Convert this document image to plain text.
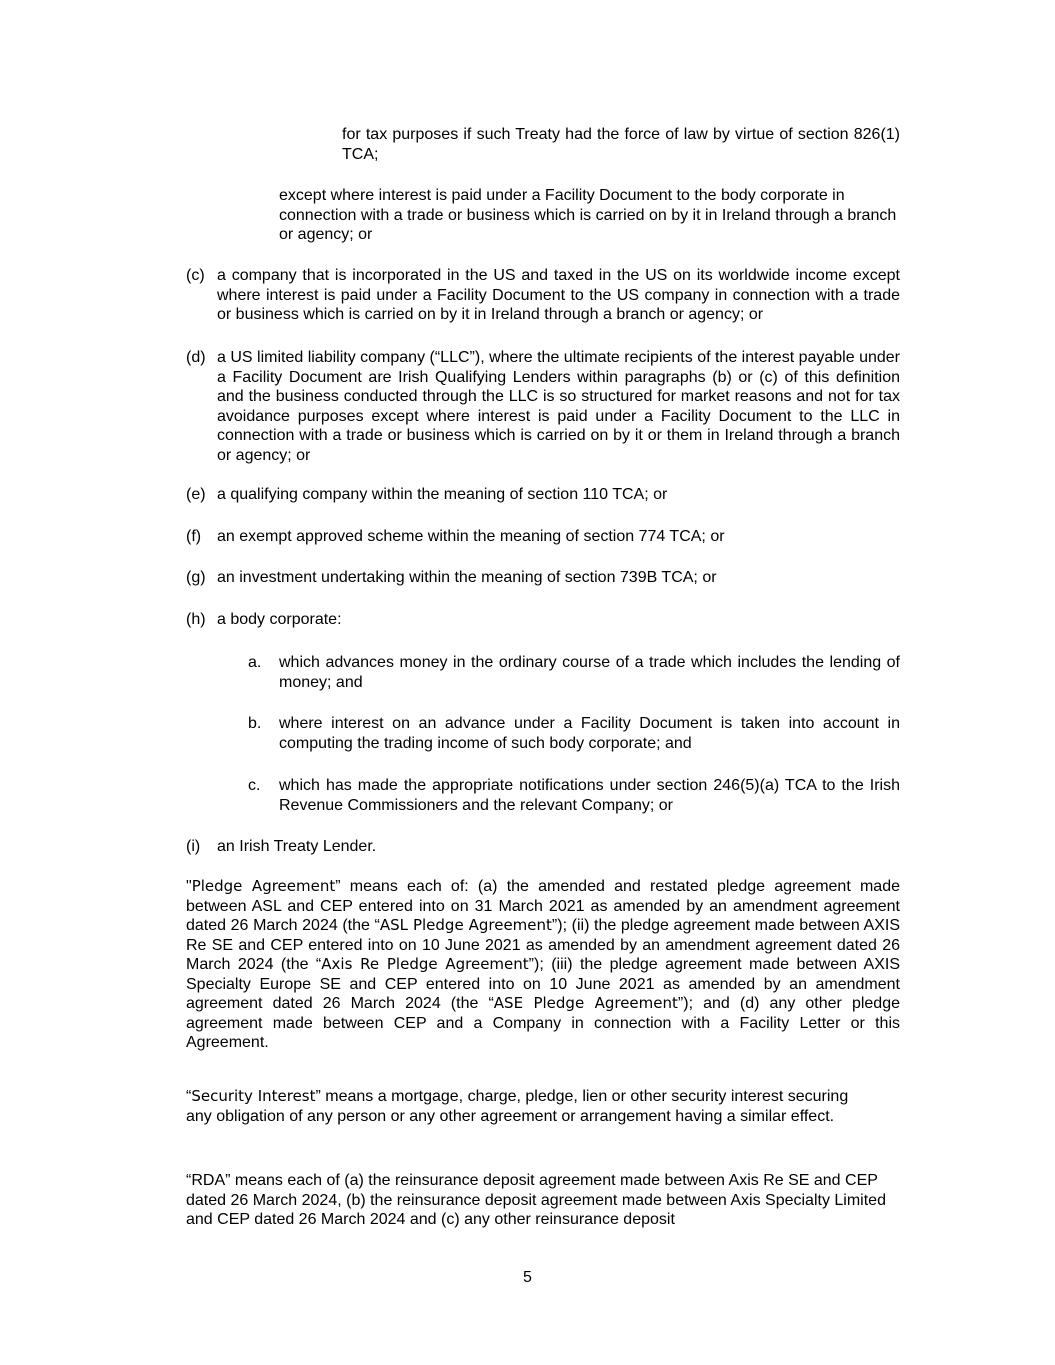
for tax purposes if such Treaty had the force of law by virtue of section 826(1) TCA;

except where interest is paid under a Facility Document to the body corporate in connection with a trade or business which is carried on by it in Ireland through a branch or agency; or

(c) a company that is incorporated in the US and taxed in the US on its worldwide income except where interest is paid under a Facility Document to the US company in connection with a trade or business which is carried on by it in Ireland through a branch or agency; or
(d) a US limited liability company (“LLC”), where the ultimate recipients of the interest payable under a Facility Document are Irish Qualifying Lenders within paragraphs (b) or (c) of this definition and the business conducted through the LLC is so structured for market reasons and not for tax avoidance purposes except where interest is paid under a Facility Document to the LLC in connection with a trade or business which is carried on by it or them in Ireland through a branch or agency; or
(e) a qualifying company within the meaning of section 110 TCA; or
(f) an exempt approved scheme within the meaning of section 774 TCA; or
(g) an investment undertaking within the meaning of section 739B TCA; or
(h) a body corporate:
a. which advances money in the ordinary course of a trade which includes the lending of money; and
b. where interest on an advance under a Facility Document is taken into account in computing the trading income of such body corporate; and
c. which has made the appropriate notifications under section 246(5)(a) TCA to the Irish Revenue Commissioners and the relevant Company; or
(i) an Irish Treaty Lender.

"Pledge Agreement” means each of: (a) the amended and restated pledge agreement made between ASL and CEP entered into on 31 March 2021 as amended by an amendment agreement dated 26 March 2024 (the “ASL Pledge Agreement”); (ii) the pledge agreement made between AXIS Re SE and CEP entered into on 10 June 2021 as amended by an amendment agreement dated 26 March 2024 (the “Axis Re Pledge Agreement”); (iii) the pledge agreement made between AXIS Specialty Europe SE and CEP entered into on 10 June 2021 as amended by an amendment agreement dated 26 March 2024 (the “ASE Pledge Agreement”); and (d) any other pledge agreement made between CEP and a Company in connection with a Facility Letter or this Agreement.

“Security Interest” means a mortgage, charge, pledge, lien or other security interest securing any obligation of any person or any other agreement or arrangement having a similar effect.

“RDA” means each of (a) the reinsurance deposit agreement made between Axis Re SE and CEP dated 26 March 2024, (b) the reinsurance deposit agreement made between Axis Specialty Limited and CEP dated 26 March 2024 and (c) any other reinsurance deposit

5
